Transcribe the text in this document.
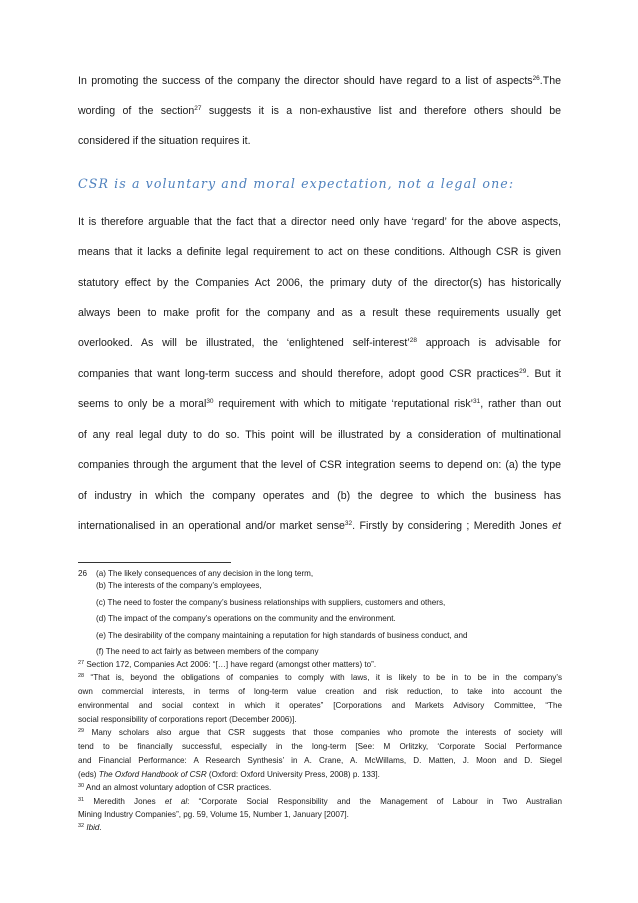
In promoting the success of the company the director should have regard to a list of aspects$^{26}$.The
wording of the section$^{27}$ suggests it is a non-exhaustive list and therefore others should be
considered if the situation requires it.
CSR is a voluntary and moral expectation, not a legal one:
It is therefore arguable that the fact that a director need only have ‘regard’ for the above aspects,
means that it lacks a definite legal requirement to act on these conditions. Although CSR is given
statutory effect by the Companies Act 2006, the primary duty of the director(s) has historically
always been to make profit for the company and as a result these requirements usually get
overlooked. As will be illustrated, the ‘enlightened self-interest’$^{28}$ approach is advisable for
companies that want long-term success and should therefore, adopt good CSR practices$^{29}$. But it
seems to only be a moral$^{30}$ requirement with which to mitigate ‘reputational risk’$^{31}$, rather than out
of any real legal duty to do so. This point will be illustrated by a consideration of multinational
companies through the argument that the level of CSR integration seems to depend on: (a) the type
of industry in which the company operates and (b) the degree to which the business has
internationalised in an operational and/or market sense$^{32}$. Firstly by considering ; Meredith Jones et
26 (a) The likely consequences of any decision in the long term,
(b) The interests of the company’s employees,
(c) The need to foster the company’s business relationships with suppliers, customers and others,
(d) The impact of the company’s operations on the community and the environment.
(e) The desirability of the company maintaining a reputation for high standards of business conduct, and
(f) The need to act fairly as between members of the company
$^{27}$ Section 172, Companies Act 2006: “[…] have regard (amongst other matters) to”.
$^{28}$ “That is, beyond the obligations of companies to comply with laws, it is likely to be in to be in the company’s
own commercial interests, in terms of long-term value creation and risk reduction, to take into account the
environmental and social context in which it operates” [Corporations and Markets Advisory Committee, “The
social responsibility of corporations report (December 2006)].
$^{29}$ Many scholars also argue that CSR suggests that those companies who promote the interests of society will
tend to be financially successful, especially in the long-term [See: M Orlitzky, ‘Corporate Social Performance
and Financial Performance: A Research Synthesis’ in A. Crane, A. McWillams, D. Matten, J. Moon and D. Siegel
(eds) The Oxford Handbook of CSR (Oxford: Oxford University Press, 2008) p. 133].
$^{30}$ And an almost voluntary adoption of CSR practices.
$^{31}$ Meredith Jones et al: “Corporate Social Responsibility and the Management of Labour in Two Australian
Mining Industry Companies”, pg. 59, Volume 15, Number 1, January [2007].
$^{32}$ Ibid.
